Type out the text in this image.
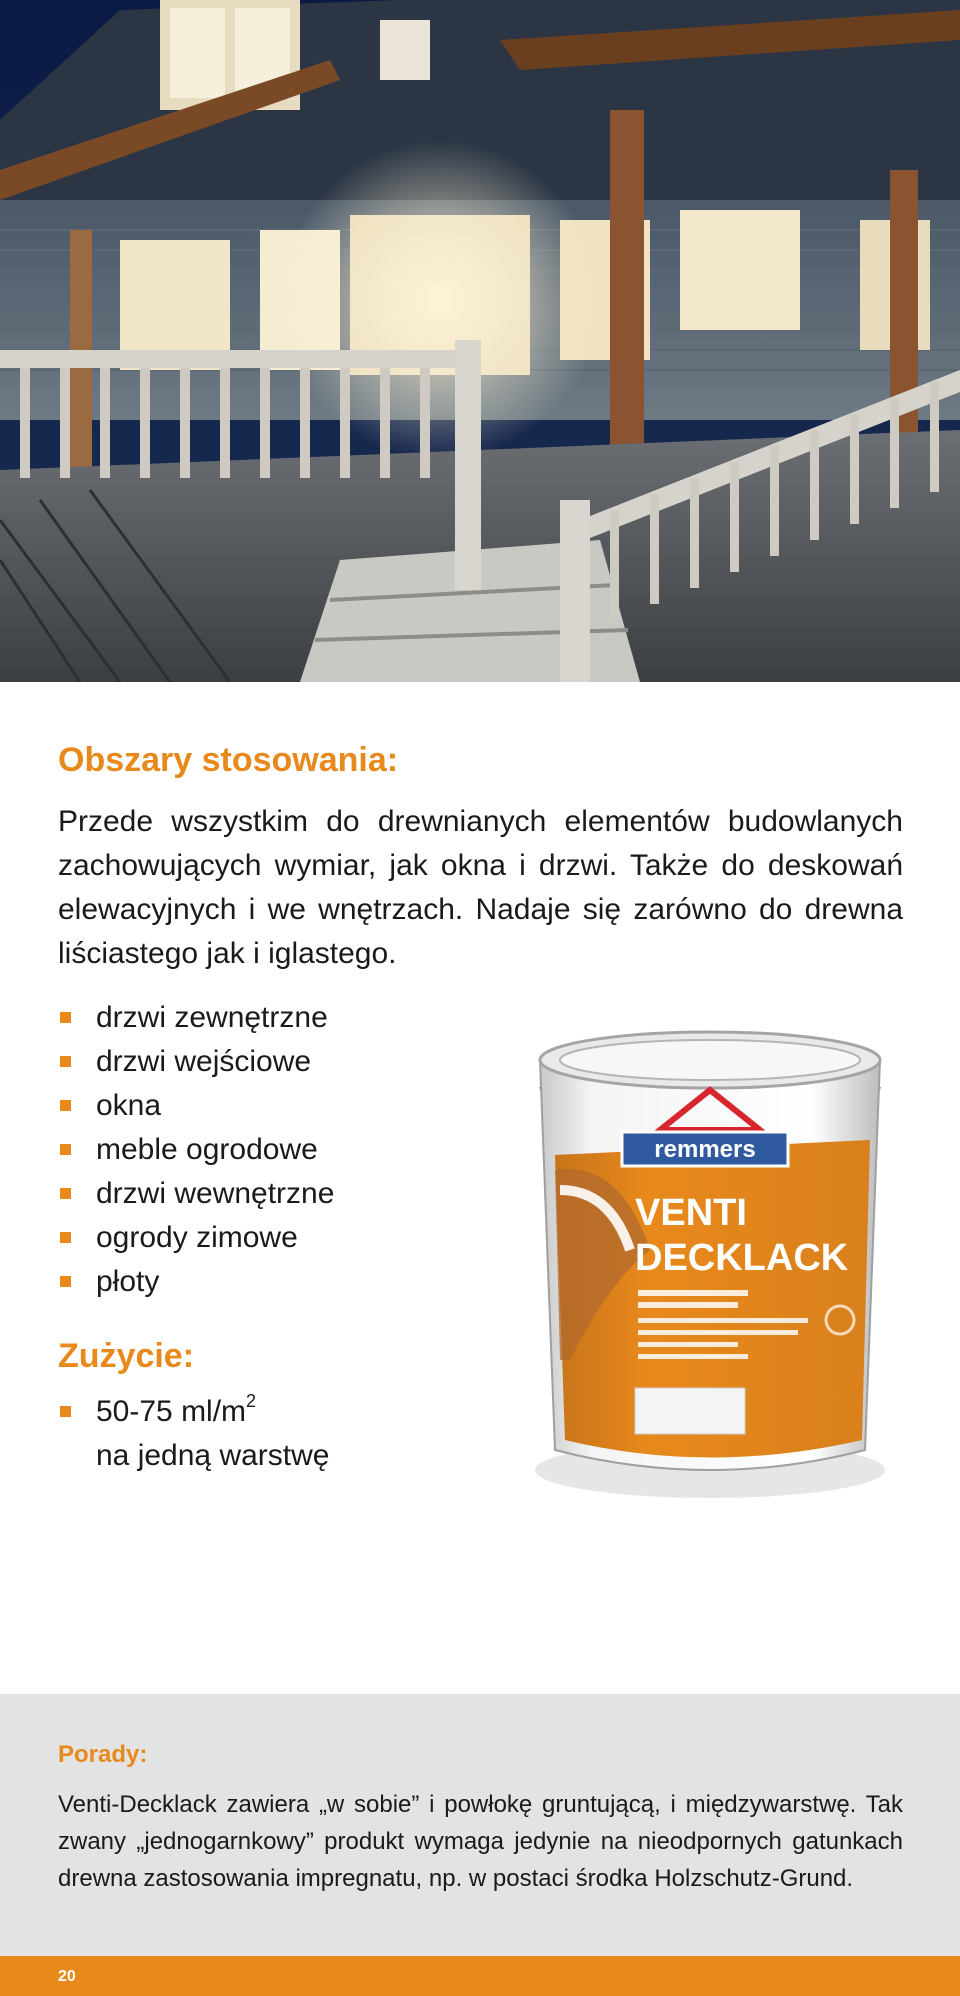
Obszary stosowania:

Przede wszystkim do drewnianych elementów budowlanych zachowujących wymiar, jak okna i drzwi. Także do deskowań elewacyjnych i we wnętrzach. Nadaje się zarówno do drewna liściastego jak i iglastego.

drzwi zewnętrzne
drzwi wejściowe
okna
meble ogrodowe
drzwi wewnętrzne
ogrody zimowe
płoty
Zużycie:
50-75 $ml/m^2$
na jedną warstwę
remmers
VENTI
DECKLACK
Porady:

Venti-Decklack zawiera „w sobie” i powłokę gruntującą, i międzywarstwę. Tak zwany „jednogarnkowy” produkt wymaga jedynie na nieodpornych gatunkach drewna zastosowania impregnatu, np. w postaci środka Holzschutz-Grund.

20
